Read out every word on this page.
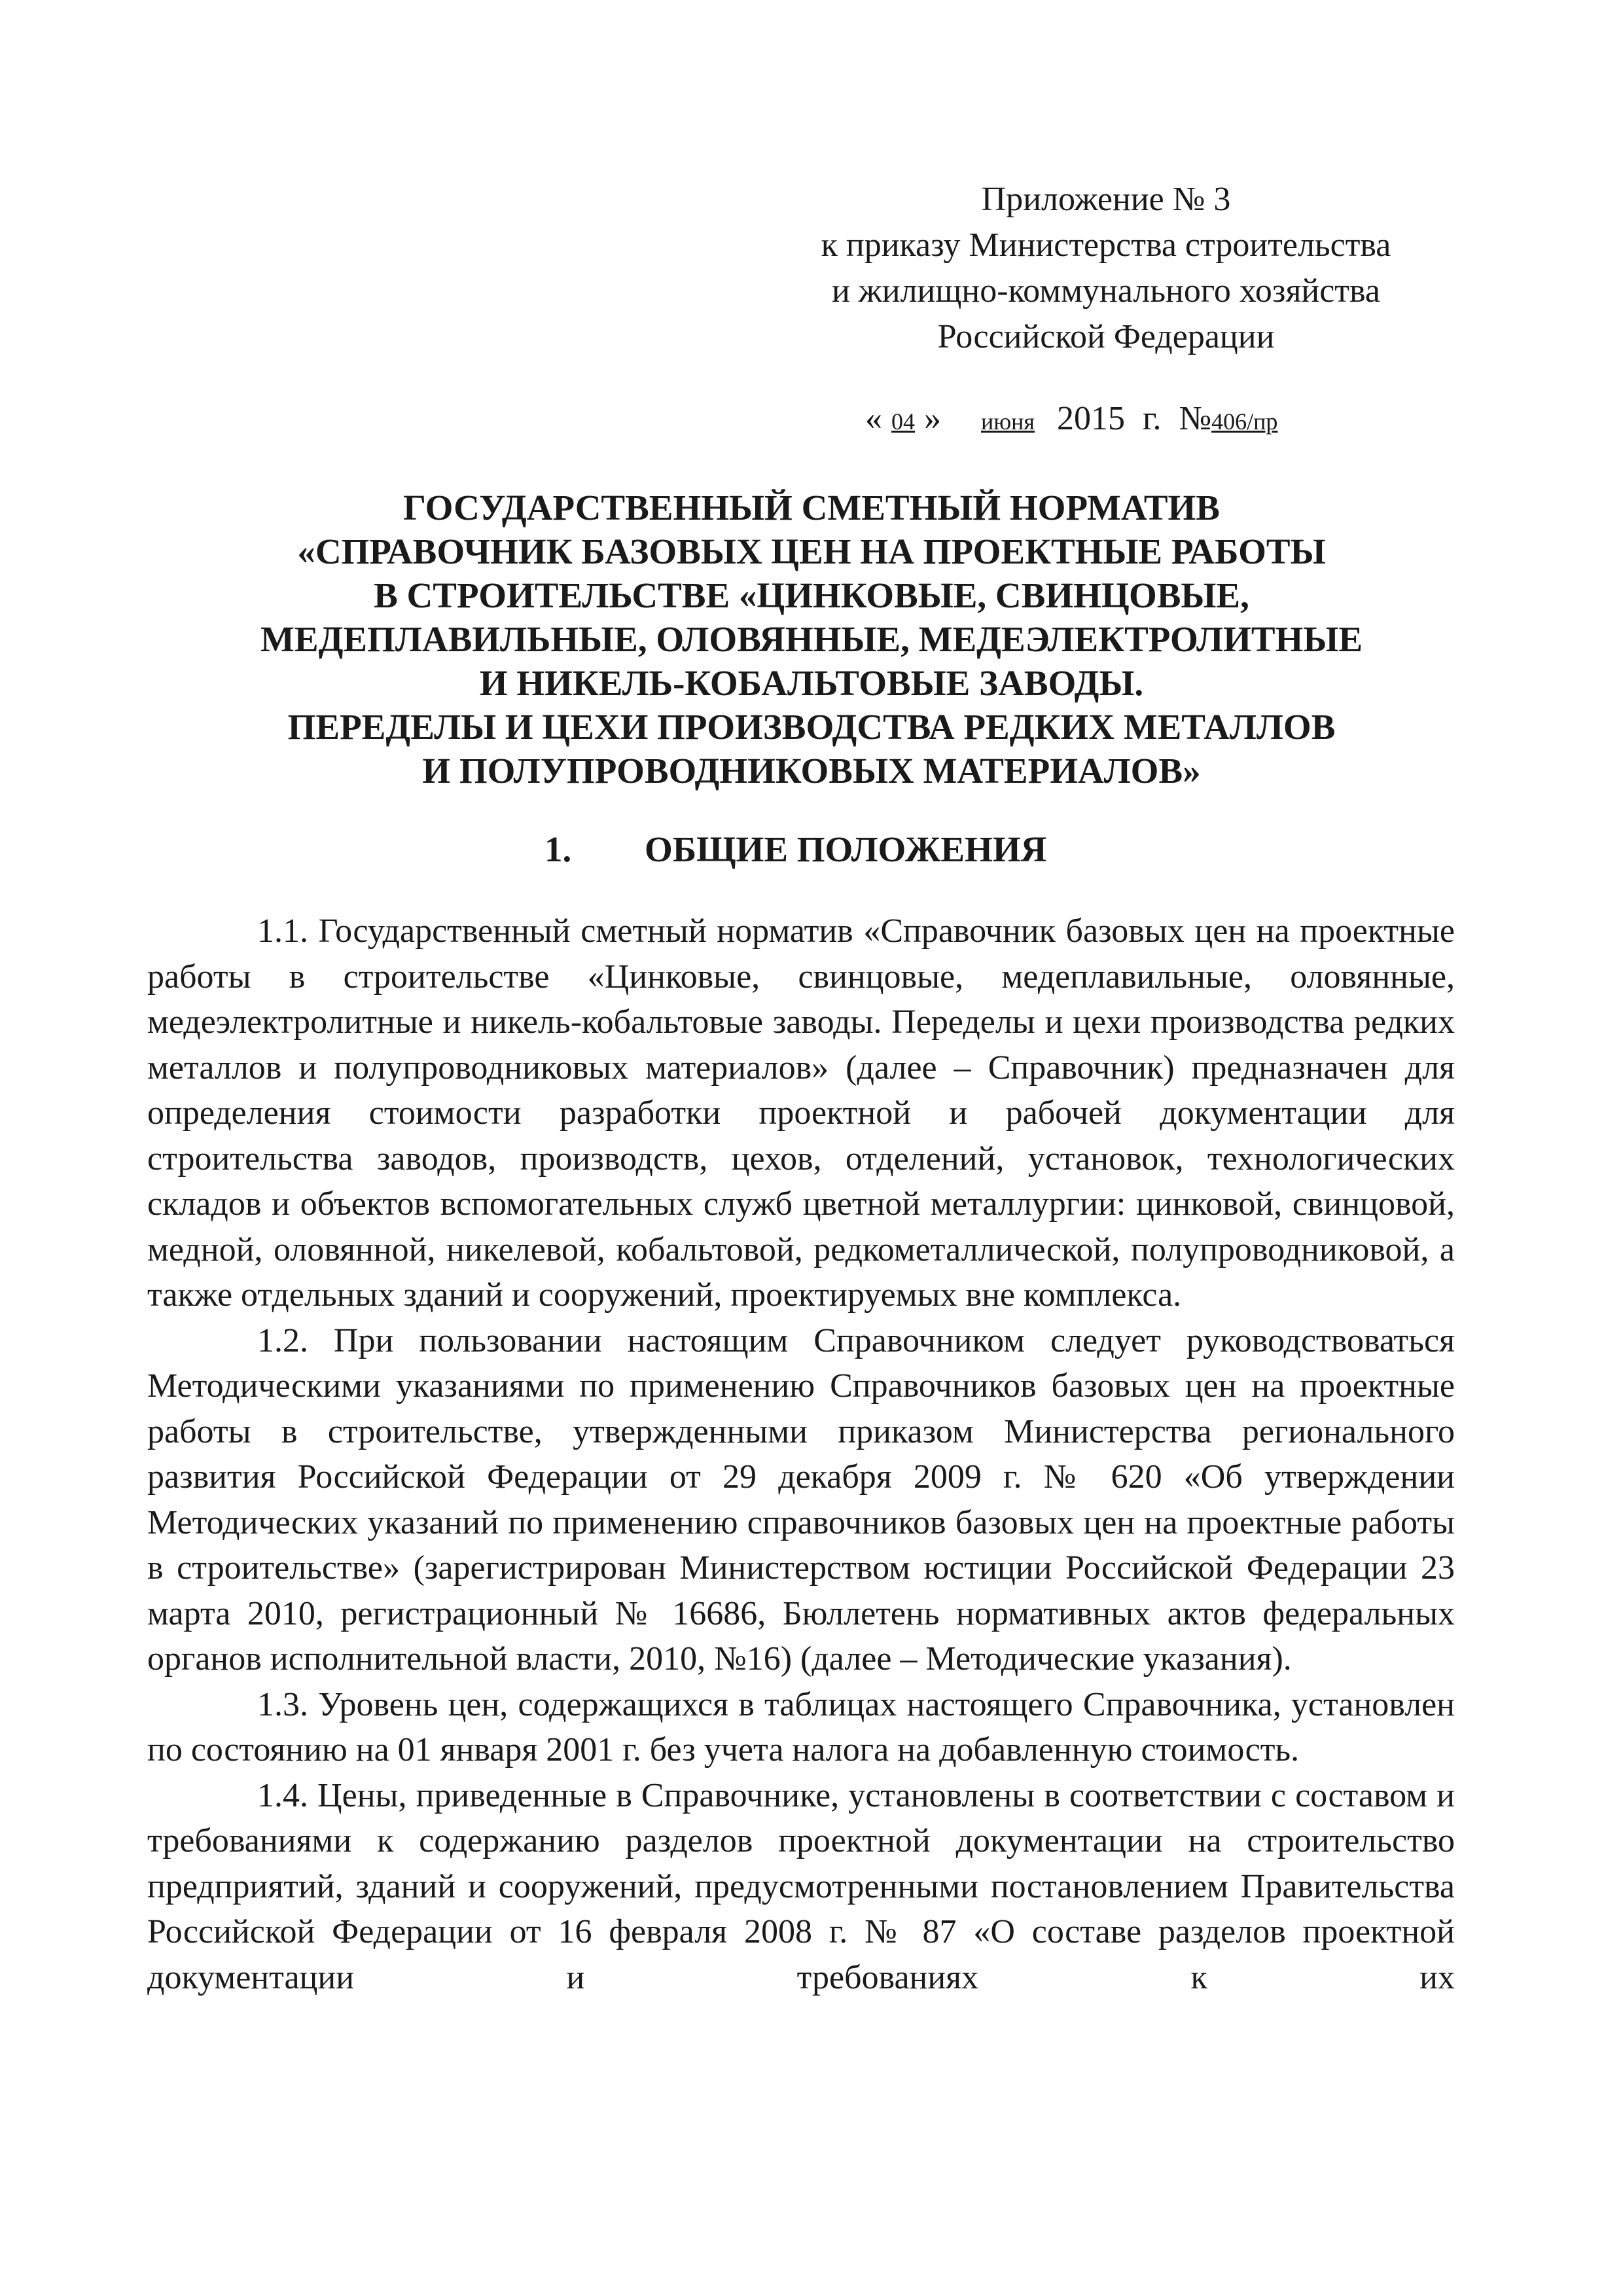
Приложение № 3
к приказу Министерства строительства
и жилищно-коммунального хозяйства
Российской Федерации
« 04 » июня 2015 г. №406/пр
ГОСУДАРСТВЕННЫЙ СМЕТНЫЙ НОРМАТИВ
«СПРАВОЧНИК БАЗОВЫХ ЦЕН НА ПРОЕКТНЫЕ РАБОТЫ
В СТРОИТЕЛЬСТВЕ «ЦИНКОВЫЕ, СВИНЦОВЫЕ,
МЕДЕПЛАВИЛЬНЫЕ, ОЛОВЯННЫЕ, МЕДЕЭЛЕКТРОЛИТНЫЕ
И НИКЕЛЬ-КОБАЛЬТОВЫЕ ЗАВОДЫ.
ПЕРЕДЕЛЫ И ЦЕХИ ПРОИЗВОДСТВА РЕДКИХ МЕТАЛЛОВ
И ПОЛУПРОВОДНИКОВЫХ МАТЕРИАЛОВ»
1. ОБЩИЕ ПОЛОЖЕНИЯ

1.1. Государственный сметный норматив «Справочник базовых цен на проектные работы в строительстве «Цинковые, свинцовые, медеплавильные, оловянные, медеэлектролитные и никель-кобальтовые заводы. Переделы и цехи производства редких металлов и полупроводниковых материалов» (далее – Справочник) предназначен для определения стоимости разработки проектной и рабочей документации для строительства заводов, производств, цехов, отделений, установок, технологических складов и объектов вспомогательных служб цветной металлургии: цинковой, свинцовой, медной, оловянной, никелевой, кобальтовой, редкометаллической, полупроводниковой, а также отдельных зданий и сооружений, проектируемых вне комплекса.

1.2. При пользовании настоящим Справочником следует руководствоваться Методическими указаниями по применению Справочников базовых цен на проектные работы в строительстве, утвержденными приказом Министерства регионального развития Российской Федерации от 29 декабря 2009 г. № 620 «Об утверждении Методических указаний по применению справочников базовых цен на проектные работы в строительстве» (зарегистрирован Министерством юстиции Российской Федерации 23 марта 2010, регистрационный № 16686, Бюллетень нормативных актов федеральных органов исполнительной власти, 2010, №16) (далее – Методические указания).

1.3. Уровень цен, содержащихся в таблицах настоящего Справочника, установлен по состоянию на 01 января 2001 г. без учета налога на добавленную стоимость.

1.4. Цены, приведенные в Справочнике, установлены в соответствии с составом и требованиями к содержанию разделов проектной документации на строительство предприятий, зданий и сооружений, предусмотренными постановлением Правительства Российской Федерации от 16 февраля 2008 г. № 87 «О составе разделов проектной документации и требованиях к их
